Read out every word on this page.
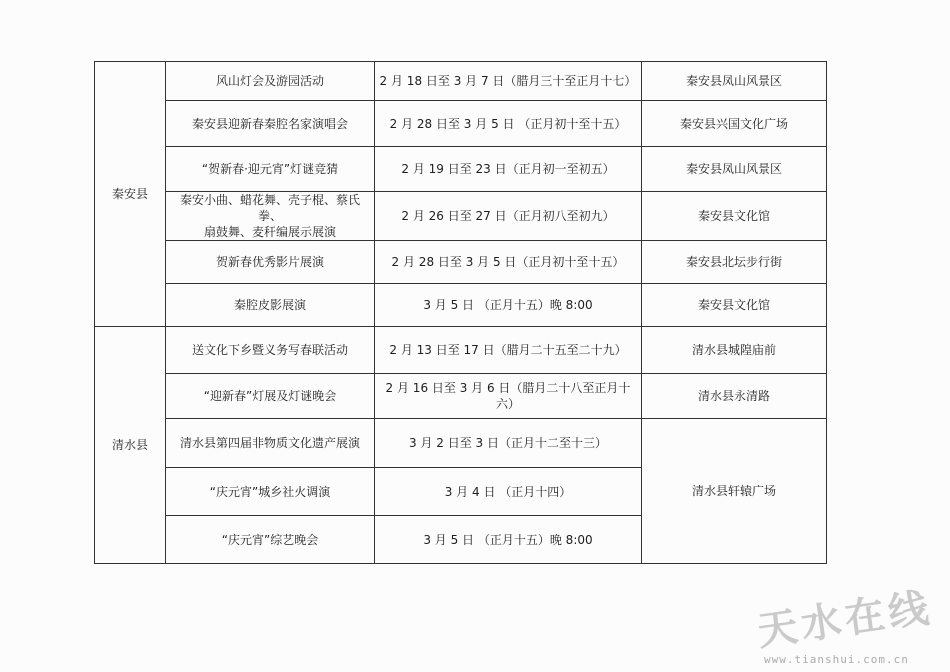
秦安县	风山灯会及游园活动	2 月 18 日至 3 月 7 日（腊月三十至正月十七）	秦安县凤山风景区
	秦安县迎新春秦腔名家演唱会	2 月 28 日至 3 月 5 日 （正月初十至十五）	秦安县兴国文化广场
	“贺新春·迎元宵”灯谜竞猜	2 月 19 日至 23 日（正月初一至初五）	秦安县凤山风景区

	秦安小曲、蜡花舞、壳子棍、蔡氏拳、
扇鼓舞、麦秆编展示展演	2 月 26 日至 27 日（正月初八至初九）	秦安县文化馆
	贺新春优秀影片展演	2 月 28 日至 3 月 5 日（正月初十至十五）	秦安县北坛步行街
	秦腔皮影展演	3 月 5 日 （正月十五）晚 8:00	秦安县文化馆
清水县	送文化下乡暨义务写春联活动	2 月 13 日至 17 日（腊月二十五至二十九）	清水县城隍庙前
	“迎新春”灯展及灯谜晚会	2 月 16 日至 3 月 6 日（腊月二十八至正月十六）	清水县永清路
	清水县第四届非物质文化遗产展演	3 月 2 日至 3 日（正月十二至十三）	清水县轩辕广场
	“庆元宵”城乡社火调演	3 月 4 日 （正月十四）	
	“庆元宵”综艺晚会	3 月 5 日 （正月十五）晚 8:00	
天水在线
www.tianshui.com.cn
